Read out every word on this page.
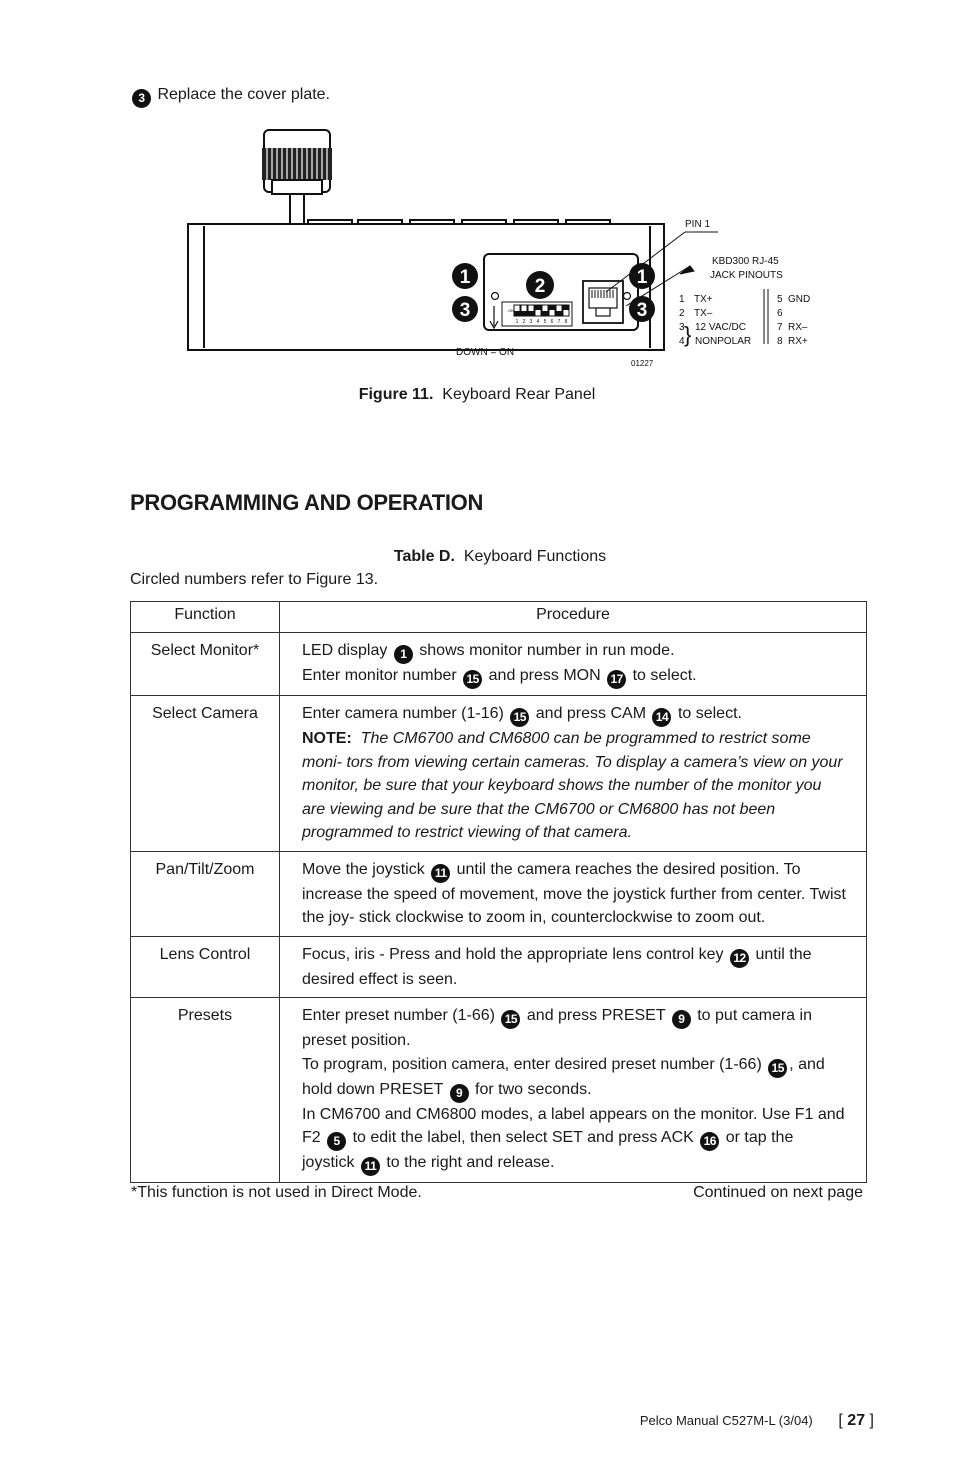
3 Replace the cover plate.
ON
1 2 3 4 5 6 7 8
1
3
2	1
3
PIN 1
KBD300 RJ-45
JACK PINOUTS
DOWN = ON
01227
1 TX+
2 TX–
3 12 VAC/DC
4 NONPOLAR
}
5 GND
6
7 RX–
8 RX+
Figure 11. Keyboard Rear Panel
PROGRAMMING AND OPERATION
Table D. Keyboard Functions
Circled numbers refer to Figure 13.
Function	Procedure
Select Monitor*	LED display 1 shows monitor number in run mode.
Enter monitor number 15 and press MON 17 to select.
Select Camera	Enter camera number (1-16) 15 and press CAM 14 to select.
NOTE: The CM6700 and CM6800 can be programmed to restrict some moni- tors from viewing certain cameras. To display a camera’s view on your monitor, be sure that your keyboard shows the number of the monitor you are viewing and be sure that the CM6700 or CM6800 has not been programmed to restrict viewing of that camera.
Pan/Tilt/Zoom	Move the joystick 11 until the camera reaches the desired position. To increase the speed of movement, move the joystick further from center. Twist the joy- stick clockwise to zoom in, counterclockwise to zoom out.
Lens Control	Focus, iris - Press and hold the appropriate lens control key 12 until the desired effect is seen.
Presets	Enter preset number (1-66) 15 and press PRESET 9 to put camera in preset position.
To program, position camera, enter desired preset number (1-66) 15 , and hold down PRESET 9 for two seconds.
In CM6700 and CM6800 modes, a label appears on the monitor. Use F1 and F2 5 to edit the label, then select SET and press ACK 16 or tap the joystick 11 to the right and release.
*This function is not used in Direct Mode.	Continued on next page
Pelco Manual C527M-L (3/04) [ 27 ]
